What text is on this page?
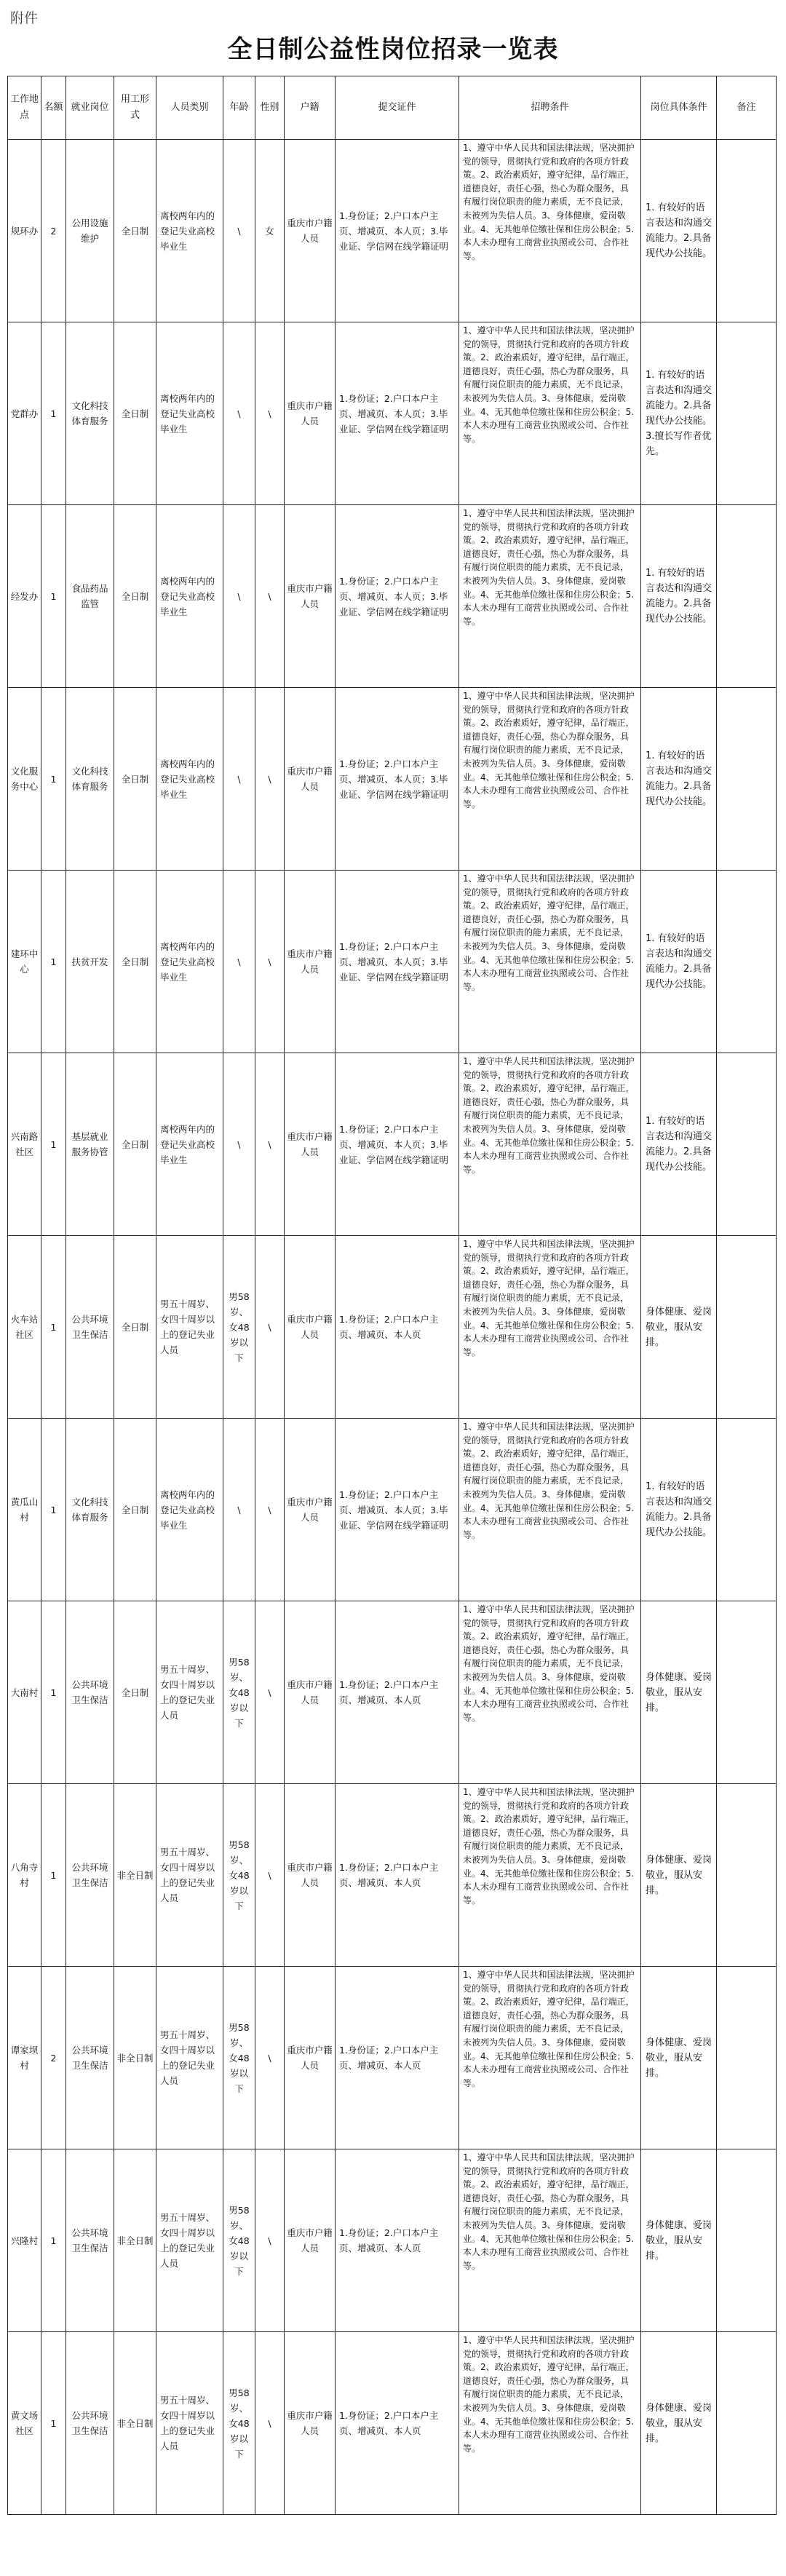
附件
全日制公益性岗位招录一览表
工作地点	名额	就业岗位	用工形式	人员类别	年龄	性别	户籍	提交证件	招聘条件	岗位具体条件	备注
规环办	2	公用设施维护	全日制	离校两年内的登记失业高校毕业生	\	女	重庆市户籍人员	1.身份证；2.户口本户主页、增减页、本人页；3.毕业证、学信网在线学籍证明	1、遵守中华人民共和国法律法规，坚决拥护党的领导，贯彻执行党和政府的各项方针政策。2、政治素质好，遵守纪律，品行端正，道德良好，责任心强，热心为群众服务，具有履行岗位职责的能力素质，无不良记录，未被列为失信人员。3、身体健康，爱岗敬业。4、无其他单位缴社保和住房公积金；5.本人未办理有工商营业执照或公司、合作社等。	1. 有较好的语言表达和沟通交流能力。2.具备现代办公技能。	
党群办	1	文化科技体育服务	全日制	离校两年内的登记失业高校毕业生	\	\	重庆市户籍人员	1.身份证；2.户口本户主页、增减页、本人页；3.毕业证、学信网在线学籍证明	1、遵守中华人民共和国法律法规，坚决拥护党的领导，贯彻执行党和政府的各项方针政策。2、政治素质好，遵守纪律，品行端正，道德良好，责任心强，热心为群众服务，具有履行岗位职责的能力素质，无不良记录，未被列为失信人员。3、身体健康，爱岗敬业。4、无其他单位缴社保和住房公积金；5.本人未办理有工商营业执照或公司、合作社等。	1. 有较好的语言表达和沟通交流能力。2.具备现代办公技能。3.擅长写作者优先。	
经发办	1	食品药品监管	全日制	离校两年内的登记失业高校毕业生	\	\	重庆市户籍人员	1.身份证；2.户口本户主页、增减页、本人页；3.毕业证、学信网在线学籍证明	1、遵守中华人民共和国法律法规，坚决拥护党的领导，贯彻执行党和政府的各项方针政策。2、政治素质好，遵守纪律，品行端正，道德良好，责任心强，热心为群众服务，具有履行岗位职责的能力素质，无不良记录，未被列为失信人员。3、身体健康，爱岗敬业。4、无其他单位缴社保和住房公积金；5.本人未办理有工商营业执照或公司、合作社等。	1. 有较好的语言表达和沟通交流能力。2.具备现代办公技能。	
文化服务中心	1	文化科技体育服务	全日制	离校两年内的登记失业高校毕业生	\	\	重庆市户籍人员	1.身份证；2.户口本户主页、增减页、本人页；3.毕业证、学信网在线学籍证明	1、遵守中华人民共和国法律法规，坚决拥护党的领导，贯彻执行党和政府的各项方针政策。2、政治素质好，遵守纪律，品行端正，道德良好，责任心强，热心为群众服务，具有履行岗位职责的能力素质，无不良记录，未被列为失信人员。3、身体健康，爱岗敬业。4、无其他单位缴社保和住房公积金；5.本人未办理有工商营业执照或公司、合作社等。	1. 有较好的语言表达和沟通交流能力。2.具备现代办公技能。	
建环中心	1	扶贫开发	全日制	离校两年内的登记失业高校毕业生	\	\	重庆市户籍人员	1.身份证；2.户口本户主页、增减页、本人页；3.毕业证、学信网在线学籍证明	1、遵守中华人民共和国法律法规，坚决拥护党的领导，贯彻执行党和政府的各项方针政策。2、政治素质好，遵守纪律，品行端正，道德良好，责任心强，热心为群众服务，具有履行岗位职责的能力素质，无不良记录，未被列为失信人员。3、身体健康，爱岗敬业。4、无其他单位缴社保和住房公积金；5.本人未办理有工商营业执照或公司、合作社等。	1. 有较好的语言表达和沟通交流能力。2.具备现代办公技能。	
兴南路社区	1	基层就业服务协管	全日制	离校两年内的登记失业高校毕业生	\	\	重庆市户籍人员	1.身份证；2.户口本户主页、增减页、本人页；3.毕业证、学信网在线学籍证明	1、遵守中华人民共和国法律法规，坚决拥护党的领导，贯彻执行党和政府的各项方针政策。2、政治素质好，遵守纪律，品行端正，道德良好，责任心强，热心为群众服务，具有履行岗位职责的能力素质，无不良记录，未被列为失信人员。3、身体健康，爱岗敬业。4、无其他单位缴社保和住房公积金；5.本人未办理有工商营业执照或公司、合作社等。	1. 有较好的语言表达和沟通交流能力。2.具备现代办公技能。	
火车站社区	1	公共环境卫生保洁	全日制	男五十周岁、女四十周岁以上的登记失业人员	男58岁、女48岁以下	\	重庆市户籍人员	1.身份证；2.户口本户主页、增减页、本人页	1、遵守中华人民共和国法律法规，坚决拥护党的领导，贯彻执行党和政府的各项方针政策。2、政治素质好，遵守纪律，品行端正，道德良好，责任心强，热心为群众服务，具有履行岗位职责的能力素质，无不良记录，未被列为失信人员。3、身体健康，爱岗敬业。4、无其他单位缴社保和住房公积金；5.本人未办理有工商营业执照或公司、合作社等。	身体健康、爱岗敬业，服从安排。	
黄瓜山村	1	文化科技体育服务	全日制	离校两年内的登记失业高校毕业生	\	\	重庆市户籍人员	1.身份证；2.户口本户主页、增减页、本人页；3.毕业证、学信网在线学籍证明	1、遵守中华人民共和国法律法规，坚决拥护党的领导，贯彻执行党和政府的各项方针政策。2、政治素质好，遵守纪律，品行端正，道德良好，责任心强，热心为群众服务，具有履行岗位职责的能力素质，无不良记录，未被列为失信人员。3、身体健康，爱岗敬业。4、无其他单位缴社保和住房公积金；5.本人未办理有工商营业执照或公司、合作社等。	1. 有较好的语言表达和沟通交流能力。2.具备现代办公技能。	
大南村	1	公共环境卫生保洁	全日制	男五十周岁、女四十周岁以上的登记失业人员	男58岁、女48岁以下	\	重庆市户籍人员	1.身份证；2.户口本户主页、增减页、本人页	1、遵守中华人民共和国法律法规，坚决拥护党的领导，贯彻执行党和政府的各项方针政策。2、政治素质好，遵守纪律，品行端正，道德良好，责任心强，热心为群众服务，具有履行岗位职责的能力素质，无不良记录，未被列为失信人员。3、身体健康，爱岗敬业。4、无其他单位缴社保和住房公积金；5.本人未办理有工商营业执照或公司、合作社等。	身体健康、爱岗敬业，服从安排。	
八角寺村	1	公共环境卫生保洁	非全日制	男五十周岁、女四十周岁以上的登记失业人员	男58岁、女48岁以下	\	重庆市户籍人员	1.身份证；2.户口本户主页、增减页、本人页	1、遵守中华人民共和国法律法规，坚决拥护党的领导，贯彻执行党和政府的各项方针政策。2、政治素质好，遵守纪律，品行端正，道德良好，责任心强，热心为群众服务，具有履行岗位职责的能力素质，无不良记录，未被列为失信人员。3、身体健康，爱岗敬业。4、无其他单位缴社保和住房公积金；5.本人未办理有工商营业执照或公司、合作社等。	身体健康、爱岗敬业，服从安排。	
谭家坝村	2	公共环境卫生保洁	非全日制	男五十周岁、女四十周岁以上的登记失业人员	男58岁、女48岁以下	\	重庆市户籍人员	1.身份证；2.户口本户主页、增减页、本人页	1、遵守中华人民共和国法律法规，坚决拥护党的领导，贯彻执行党和政府的各项方针政策。2、政治素质好，遵守纪律，品行端正，道德良好，责任心强，热心为群众服务，具有履行岗位职责的能力素质，无不良记录，未被列为失信人员。3、身体健康，爱岗敬业。4、无其他单位缴社保和住房公积金；5.本人未办理有工商营业执照或公司、合作社等。	身体健康、爱岗敬业，服从安排。	
兴隆村	1	公共环境卫生保洁	非全日制	男五十周岁、女四十周岁以上的登记失业人员	男58岁、女48岁以下	\	重庆市户籍人员	1.身份证；2.户口本户主页、增减页、本人页	1、遵守中华人民共和国法律法规，坚决拥护党的领导，贯彻执行党和政府的各项方针政策。2、政治素质好，遵守纪律，品行端正，道德良好，责任心强，热心为群众服务，具有履行岗位职责的能力素质，无不良记录，未被列为失信人员。3、身体健康，爱岗敬业。4、无其他单位缴社保和住房公积金；5.本人未办理有工商营业执照或公司、合作社等。	身体健康、爱岗敬业，服从安排。	
黄文场社区	1	公共环境卫生保洁	非全日制	男五十周岁、女四十周岁以上的登记失业人员	男58岁、女48岁以下	\	重庆市户籍人员	1.身份证；2.户口本户主页、增减页、本人页	1、遵守中华人民共和国法律法规，坚决拥护党的领导，贯彻执行党和政府的各项方针政策。2、政治素质好，遵守纪律，品行端正，道德良好，责任心强，热心为群众服务，具有履行岗位职责的能力素质，无不良记录，未被列为失信人员。3、身体健康，爱岗敬业。4、无其他单位缴社保和住房公积金；5.本人未办理有工商营业执照或公司、合作社等。	身体健康、爱岗敬业，服从安排。	
